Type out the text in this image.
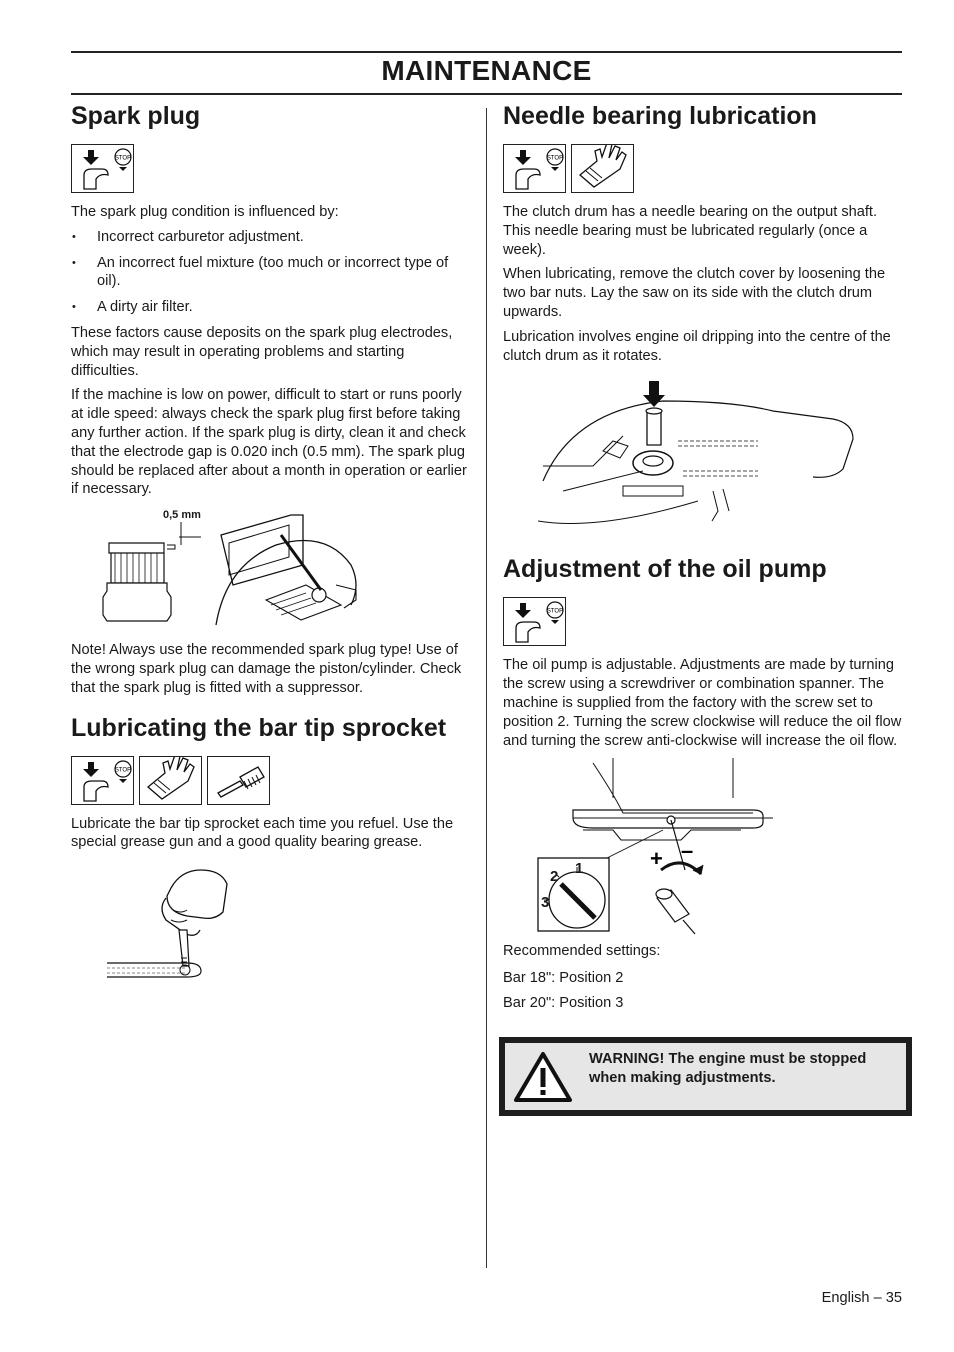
MAINTENANCE
Spark plug
STOP

The spark plug condition is influenced by:

• Incorrect carburetor adjustment.
• An incorrect fuel mixture (too much or incorrect type of oil).
• A dirty air filter.

These factors cause deposits on the spark plug electrodes, which may result in operating problems and starting difficulties.

If the machine is low on power, difficult to start or runs poorly at idle speed: always check the spark plug first before taking any further action. If the spark plug is dirty, clean it and check that the electrode gap is 0.020 inch (0.5 mm). The spark plug should be replaced after about a month in operation or earlier if necessary.

0,5 mm

Note! Always use the recommended spark plug type! Use of the wrong spark plug can damage the piston/cylinder. Check that the spark plug is fitted with a suppressor.

Lubricating the bar tip sprocket
STOP

Lubricate the bar tip sprocket each time you refuel. Use the special grease gun and a good quality bearing grease.

Needle bearing lubrication
STOP

The clutch drum has a needle bearing on the output shaft. This needle bearing must be lubricated regularly (once a week).

When lubricating, remove the clutch cover by loosening the two bar nuts. Lay the saw on its side with the clutch drum upwards.

Lubrication involves engine oil dripping into the centre of the clutch drum as it rotates.

Adjustment of the oil pump
STOP

The oil pump is adjustable. Adjustments are made by turning the screw using a screwdriver or combination spanner. The machine is supplied from the factory with the screw set to position 2. Turning the screw clockwise will reduce the oil flow and turning the screw anti-clockwise will increase the oil flow.

+ –
2 1
3

Recommended settings:

Bar 18": Position 2

Bar 20": Position 3

WARNING! The engine must be stopped when making adjustments.
English – 35
